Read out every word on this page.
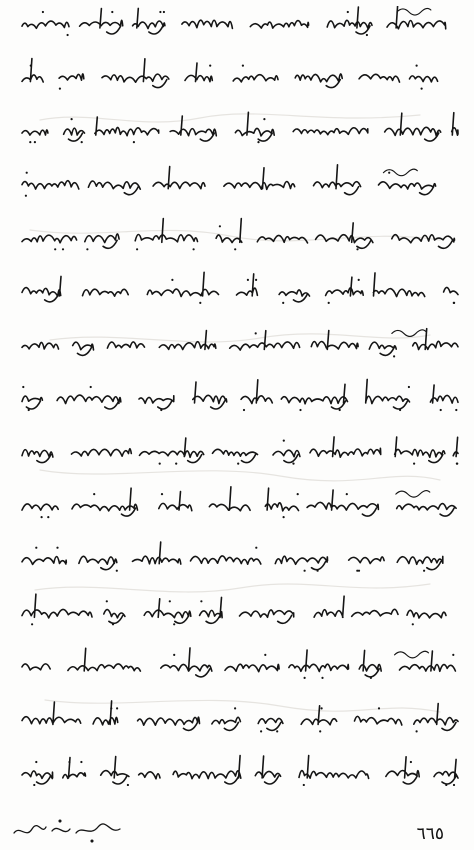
٦٦٥
